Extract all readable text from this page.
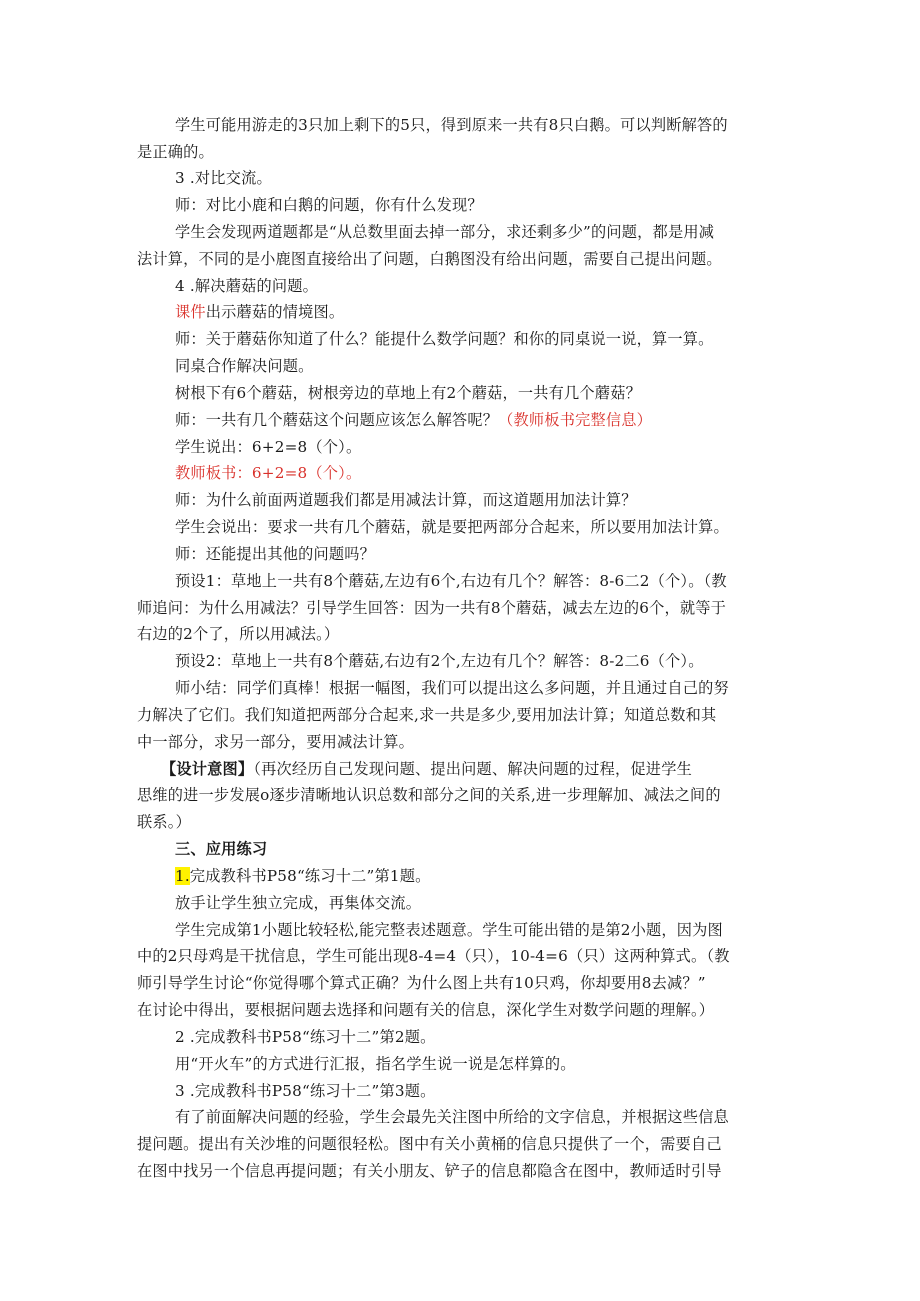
学生可能用游走的3只加上剩下的5只，得到原来一共有8只白鹅。可以判断解答的
是正确的。
3 .对比交流。
师：对比小鹿和白鹅的问题，你有什么发现？
学生会发现两道题都是“从总数里面去掉一部分，求还剩多少”的问题，都是用减
法计算，不同的是小鹿图直接给出了问题，白鹅图没有给出问题，需要自己提出问题。
4 .解决蘑菇的问题。
课件出示蘑菇的情境图。
师：关于蘑菇你知道了什么？能提什么数学问题？和你的同桌说一说，算一算。
同桌合作解决问题。
树根下有6个蘑菇，树根旁边的草地上有2个蘑菇，一共有几个蘑菇？
师：一共有几个蘑菇这个问题应该怎么解答呢？（教师板书完整信息）
学生说出：6+2=8（个）。
教师板书：6+2=8（个）。
师：为什么前面两道题我们都是用减法计算，而这道题用加法计算？
学生会说出：要求一共有几个蘑菇，就是要把两部分合起来，所以要用加法计算。
师：还能提出其他的问题吗？
预设1：草地上一共有8个蘑菇,左边有6个,右边有几个？解答：8-6二2（个）。（教
师追问：为什么用减法？引导学生回答：因为一共有8个蘑菇，减去左边的6个，就等于
右边的2个了，所以用减法。）
预设2：草地上一共有8个蘑菇,右边有2个,左边有几个？解答：8-2二6（个）。
师小结：同学们真棒！根据一幅图，我们可以提出这么多问题，并且通过自己的努
力解决了它们。我们知道把两部分合起来,求一共是多少,要用加法计算；知道总数和其
中一部分，求另一部分，要用减法计算。
【设计意图】（再次经历自己发现问题、提出问题、解决问题的过程，促进学生
思维的进一步发展o逐步清晰地认识总数和部分之间的关系,进一步理解加、减法之间的
联系。）
三、应用练习
1.完成教科书P58“练习十二”第1题。
放手让学生独立完成，再集体交流。
学生完成第1小题比较轻松,能完整表述题意。学生可能出错的是第2小题，因为图
中的2只母鸡是干扰信息，学生可能出现8-4=4（只），10-4=6（只）这两种算式。（教
师引导学生讨论“你觉得哪个算式正确？为什么图上共有10只鸡，你却要用8去减？”
在讨论中得出，要根据问题去选择和问题有关的信息，深化学生对数学问题的理解。）
2 .完成教科书P58“练习十二”第2题。
用“开火车”的方式进行汇报，指名学生说一说是怎样算的。
3 .完成教科书P58“练习十二”第3题。
有了前面解决问题的经验，学生会最先关注图中所给的文字信息，并根据这些信息
提问题。提出有关沙堆的问题很轻松。图中有关小黄桶的信息只提供了一个，需要自己
在图中找另一个信息再提问题；有关小朋友、铲子的信息都隐含在图中，教师适时引导
